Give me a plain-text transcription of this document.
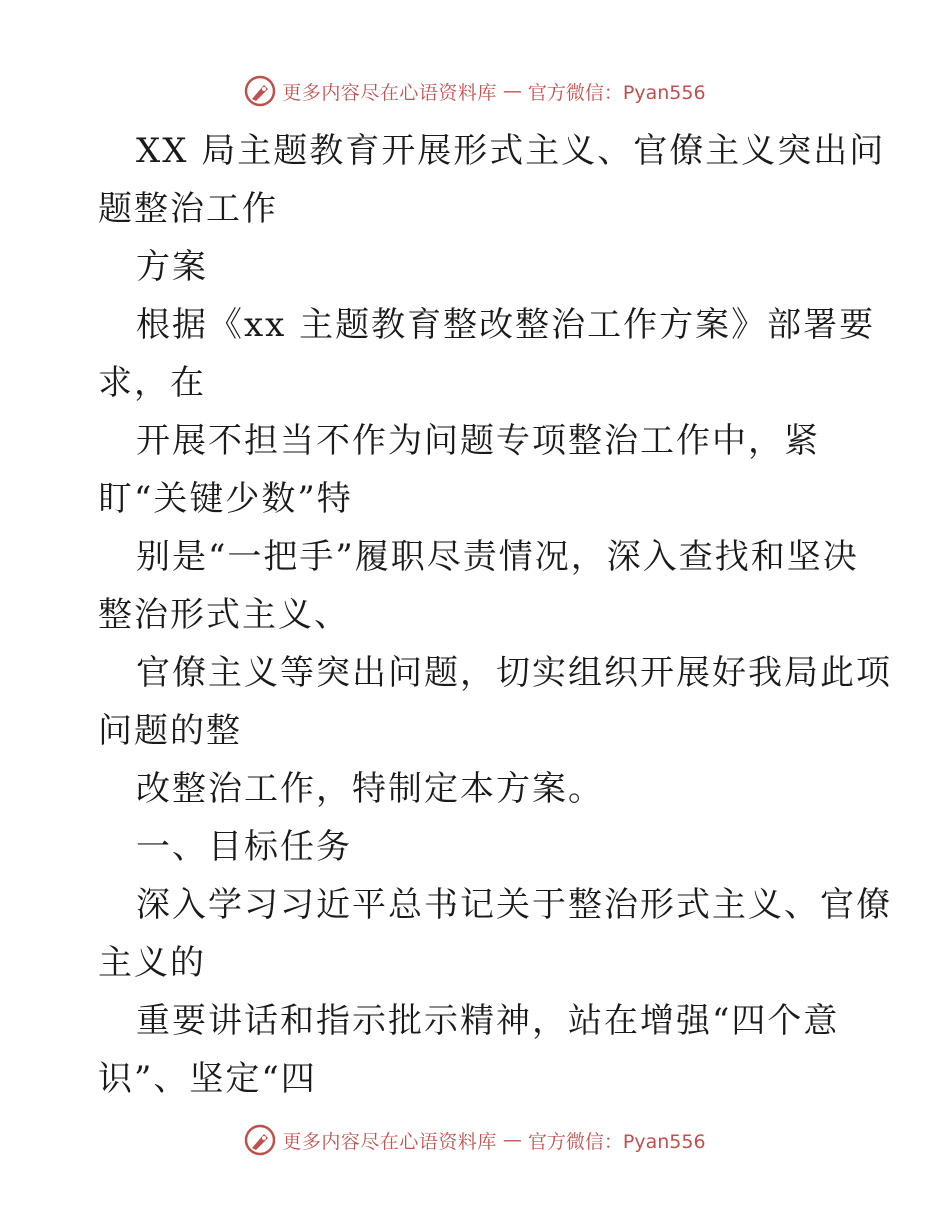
更多内容尽在心语资料库 — 官方微信：Pyan556
XX 局主题教育开展形式主义、官僚主义突出问
题整治工作
方案
根据《xx 主题教育整改整治工作方案》部署要
求，在
开展不担当不作为问题专项整治工作中，紧
盯“关键少数”特
别是“一把手”履职尽责情况，深入查找和坚决
整治形式主义、
官僚主义等突出问题，切实组织开展好我局此项
问题的整
改整治工作，特制定本方案。
一、目标任务
深入学习习近平总书记关于整治形式主义、官僚
主义的
重要讲话和指示批示精神，站在增强“四个意
识”、坚定“四
更多内容尽在心语资料库 — 官方微信：Pyan556
